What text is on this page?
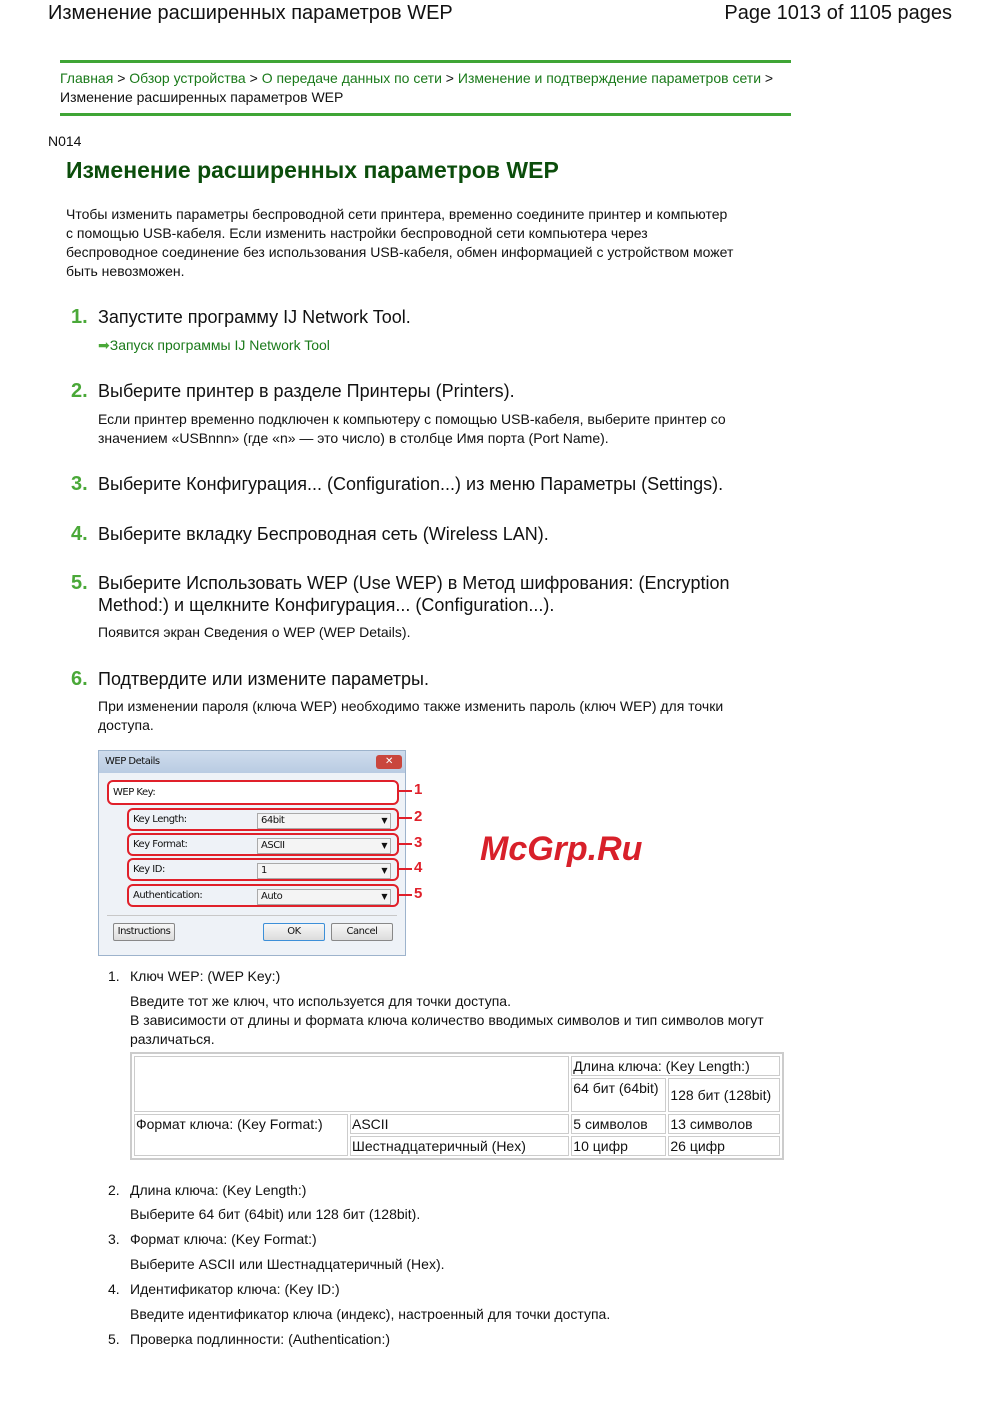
Изменение расширенных параметров WEP	Page 1013 of 1105 pages
Главная > Обзор устройства > О передаче данных по сети > Изменение и подтверждение параметров сети > Изменение расширенных параметров WEP
N014
Изменение расширенных параметров WEP
Чтобы изменить параметры беспроводной сети принтера, временно соедините принтер и компьютер с помощью USB-кабеля. Если изменить настройки беспроводной сети компьютера через беспроводное соединение без использования USB-кабеля, обмен информацией с устройством может быть невозможен.
1. Запустите программу IJ Network Tool.
➡Запуск программы IJ Network Tool
2. Выберите принтер в разделе Принтеры (Printers).
Если принтер временно подключен к компьютеру с помощью USB-кабеля, выберите принтер со значением «USBnnn» (где «n» — это число) в столбце Имя порта (Port Name).
3. Выберите Конфигурация... (Configuration...) из меню Параметры (Settings).
4. Выберите вкладку Беспроводная сеть (Wireless LAN).
5. Выберите Использовать WEP (Use WEP) в Метод шифрования: (Encryption Method:) и щелкните Конфигурация... (Configuration...).
Появится экран Сведения о WEP (WEP Details).
6. Подтвердите или измените параметры.
При изменении пароля (ключа WEP) необходимо также изменить пароль (ключ WEP) для точки доступа.
WEP Details	✕
WEP Key:
Key Length:	64bit	▼
Key Format:	ASCII	▼
Key ID:	1	▼
Authentication:	Auto	▼
Instructions	OK	Cancel
1
2
3
4
5
1. Ключ WEP: (WEP Key:)
Введите тот же ключ, что используется для точки доступа.
В зависимости от длины и формата ключа количество вводимых символов и тип символов могут различаться.
		Длина ключа: (Key Length:)	
		64 бит (64bit)	128 бит (128bit)
Формат ключа: (Key Format:)	ASCII	5 символов	13 символов
	Шестнадцатеричный (Hex)	10 цифр	26 цифр
2. Длина ключа: (Key Length:)
Выберите 64 бит (64bit) или 128 бит (128bit).
3. Формат ключа: (Key Format:)
Выберите ASCII или Шестнадцатеричный (Hex).
4. Идентификатор ключа: (Key ID:)
Введите идентификатор ключа (индекс), настроенный для точки доступа.
5. Проверка подлинности: (Authentication:)
McGrp.Ru
